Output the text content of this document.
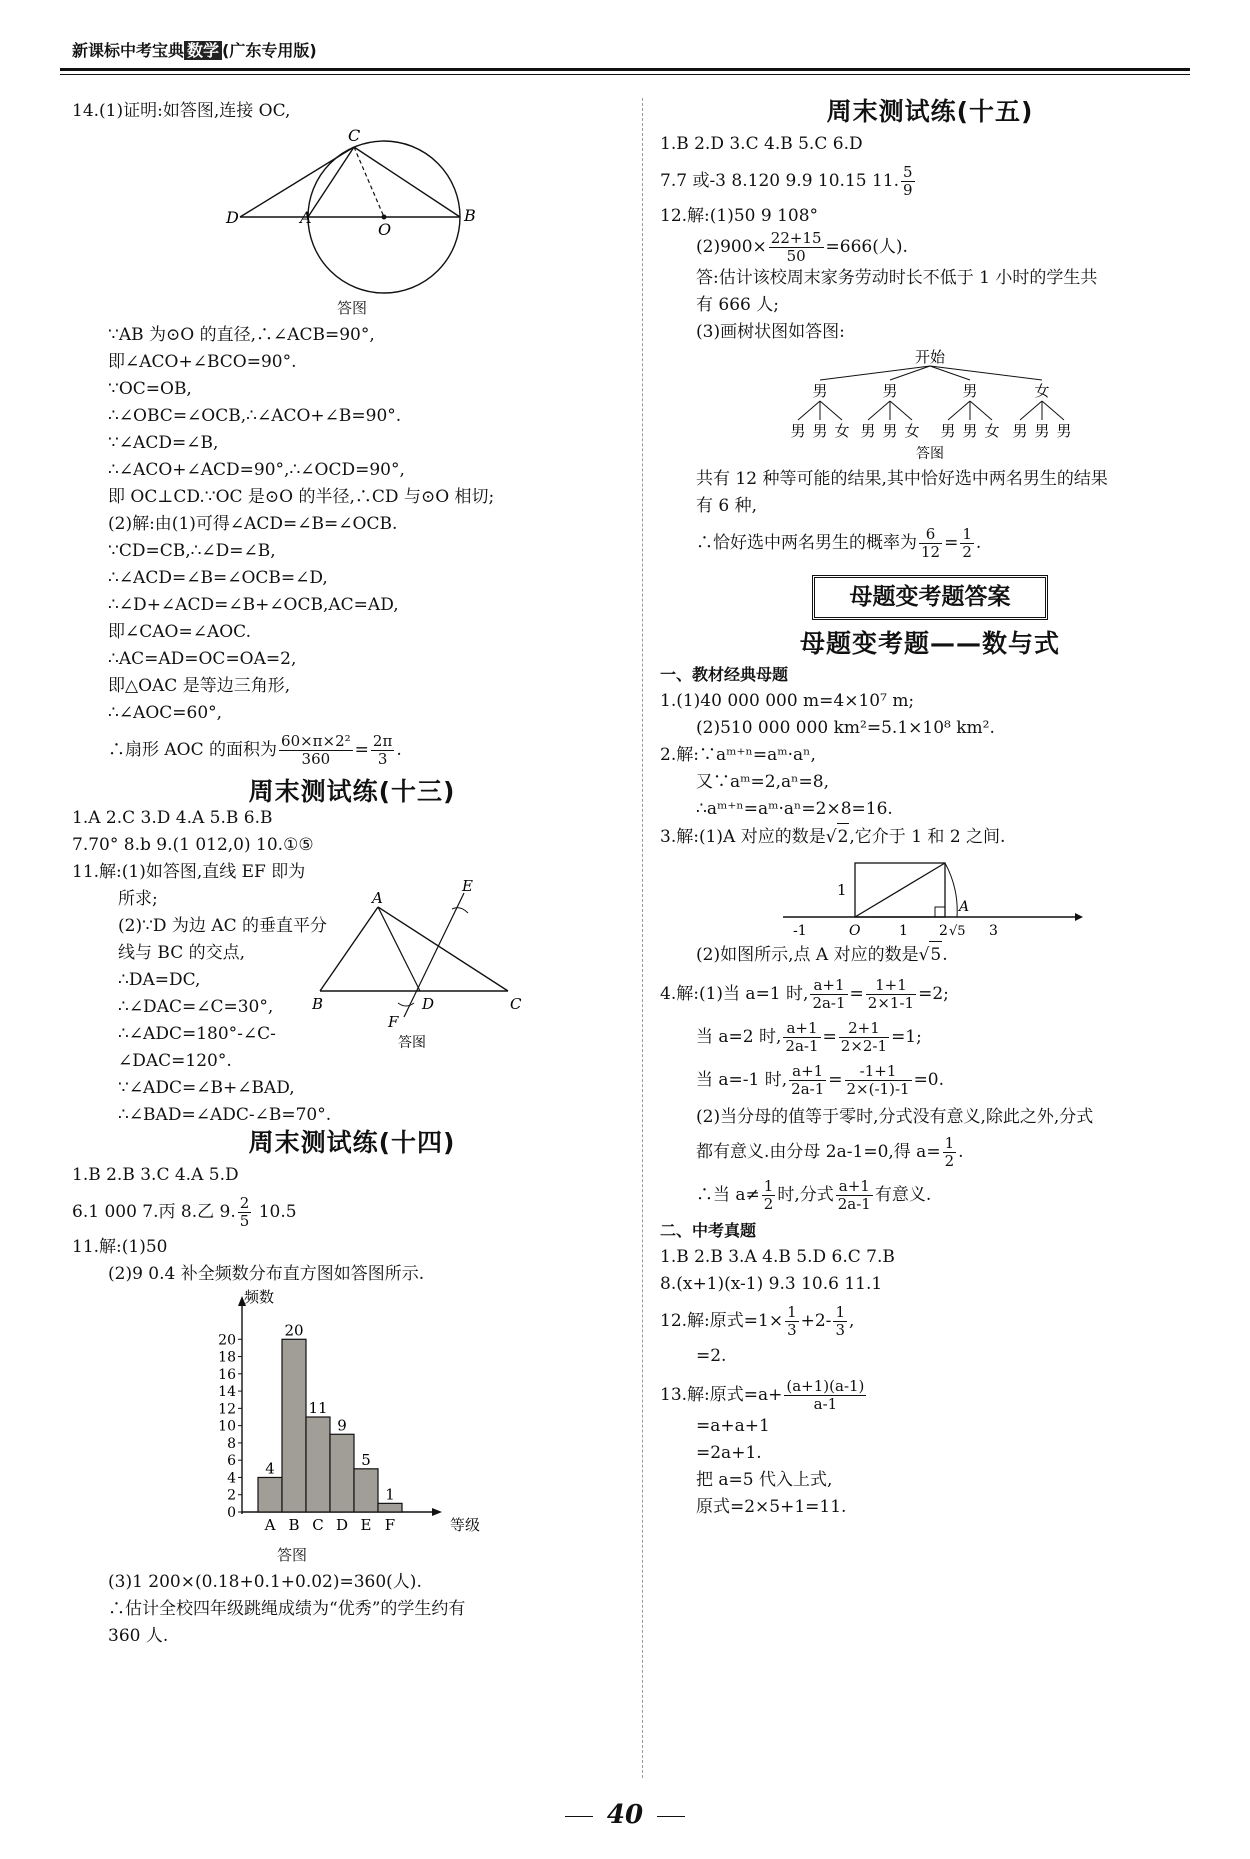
新课标中考宝典 数学 (广东专用版)
14.(1)证明:如答图,连接 OC,
C
D	A
O
B
答图
∵AB 为⊙O 的直径,∴∠ACB=90°,
即∠ACO+∠BCO=90°.
∵OC=OB,
∴∠OBC=∠OCB,∴∠ACO+∠B=90°.
∵∠ACD=∠B,
∴∠ACO+∠ACD=90°,∴∠OCD=90°,
即 OC⊥CD.∵OC 是⊙O 的半径,∴CD 与⊙O 相切;
(2)解:由(1)可得∠ACD=∠B=∠OCB.
∵CD=CB,∴∠D=∠B,
∴∠ACD=∠B=∠OCB=∠D,
∴∠D+∠ACD=∠B+∠OCB,AC=AD,
即∠CAO=∠AOC.
∴AC=AD=OC=OA=2,
即△OAC 是等边三角形,
∴∠AOC=60°,
∴扇形 AOC 的面积为 $\frac{\text{60×π×2²}}{360} = \frac{2\pi}{3}$ .
周末测试练(十三)
1.A 2.C 3.D 4.A 5.B 6.B
7.70° 8.b 9.(1 012,0) 10.①⑤
11.解:(1)如答图,直线 EF 即为
所求;
(2)∵D 为边 AC 的垂直平分
线与 BC 的交点,
∴DA=DC,
∴∠DAC=∠C=30°,
∴∠ADC=180°-∠C-
∠DAC=120°.
∵∠ADC=∠B+∠BAD,
∴∠BAD=∠ADC-∠B=70°.
A
E
B	D	C
F
答图
周末测试练(十四)
1.B 2.B 3.C 4.A 5.D
6.1 000 7.丙 8.乙 9. $\frac{2}{5} 10.5$
11.解:(1)50
(2)9 0.4 补全频数分布直方图如答图所示.
0
2
4
6
8
10
12
14
16
18
20
频数
等级
4
A
20
B
11
C
9
D
5
E
1
F
答图
(3)1 200×(0.18+0.1+0.02)=360(人).
∴估计全校四年级跳绳成绩为“优秀”的学生约有
360 人.
周末测试练(十五)
1.B 2.D 3.C 4.B 5.C 6.D
7.7 或-3 8.120 9.9 10.15 11. $\frac{5}{9}$
12.解:(1)50 9 108°
$(2)900\times \frac{22+15}{50} =666$(人).
答:估计该校周末家务劳动时长不低于 1 小时的学生共
有 666 人;
(3)画树状图如答图:
开始
男
男 男 女
男
男 男 女
男
男 男 女
女
男 男 男
答图
共有 12 种等可能的结果,其中恰好选中两名男生的结果
有 6 种,
∴恰好选中两名男生的概率为 $\frac{6}{12} = \frac{1}{2}$ .
母题变考题答案
母题变考题——数与式
一、教材经典母题
1.(1)40 000 000 m=4×10⁷ m;
(2)510 000 000 km²=5.1×10⁸ km².
2.解:∵aᵐ⁺ⁿ=aᵐ·aⁿ,
又∵aᵐ=2,aⁿ=8,
∴aᵐ⁺ⁿ=aᵐ·aⁿ=2×8=16.
3.解:(1)A 对应的数是√2,它介于 1 和 2 之间.
1
-1	O	1 2 √5 3
A
(2)如图所示,点 A 对应的数是√5.
4.解:(1)当 a=1 时, $\frac{a+1}{2a-1} = \frac{1+1}{2\times 1-1} =2$;
当 a=2 时, $\frac{a+1}{2a-1} = \frac{2+1}{2\times 2-1} =1$;
当 a=-1 时, $\frac{a+1}{2a-1} = \frac{-1+1}{2\times(-1)-1} =0$.
(2)当分母的值等于零时,分式没有意义,除此之外,分式
都有意义.由分母 2a-1=0,得 $a= \frac{1}{2}$ .
∴当 $a\ne \frac{1}{2}$ 时,分式 $\frac{a+1}{2a-1}$ 有意义.
二、中考真题
1.B 2.B 3.A 4.B 5.D 6.C 7.B
8.(x+1)(x-1) 9.3 10.6 11.1
12.解:原式$=1\times \frac{1}{3} +2- \frac{1}{3}$ ,
=2.
13.解:原式$=a+ \frac{(a+1)(a-1)}{a-1}$
=a+a+1
=2a+1.
把 a=5 代入上式,
原式=2×5+1=11.
40
